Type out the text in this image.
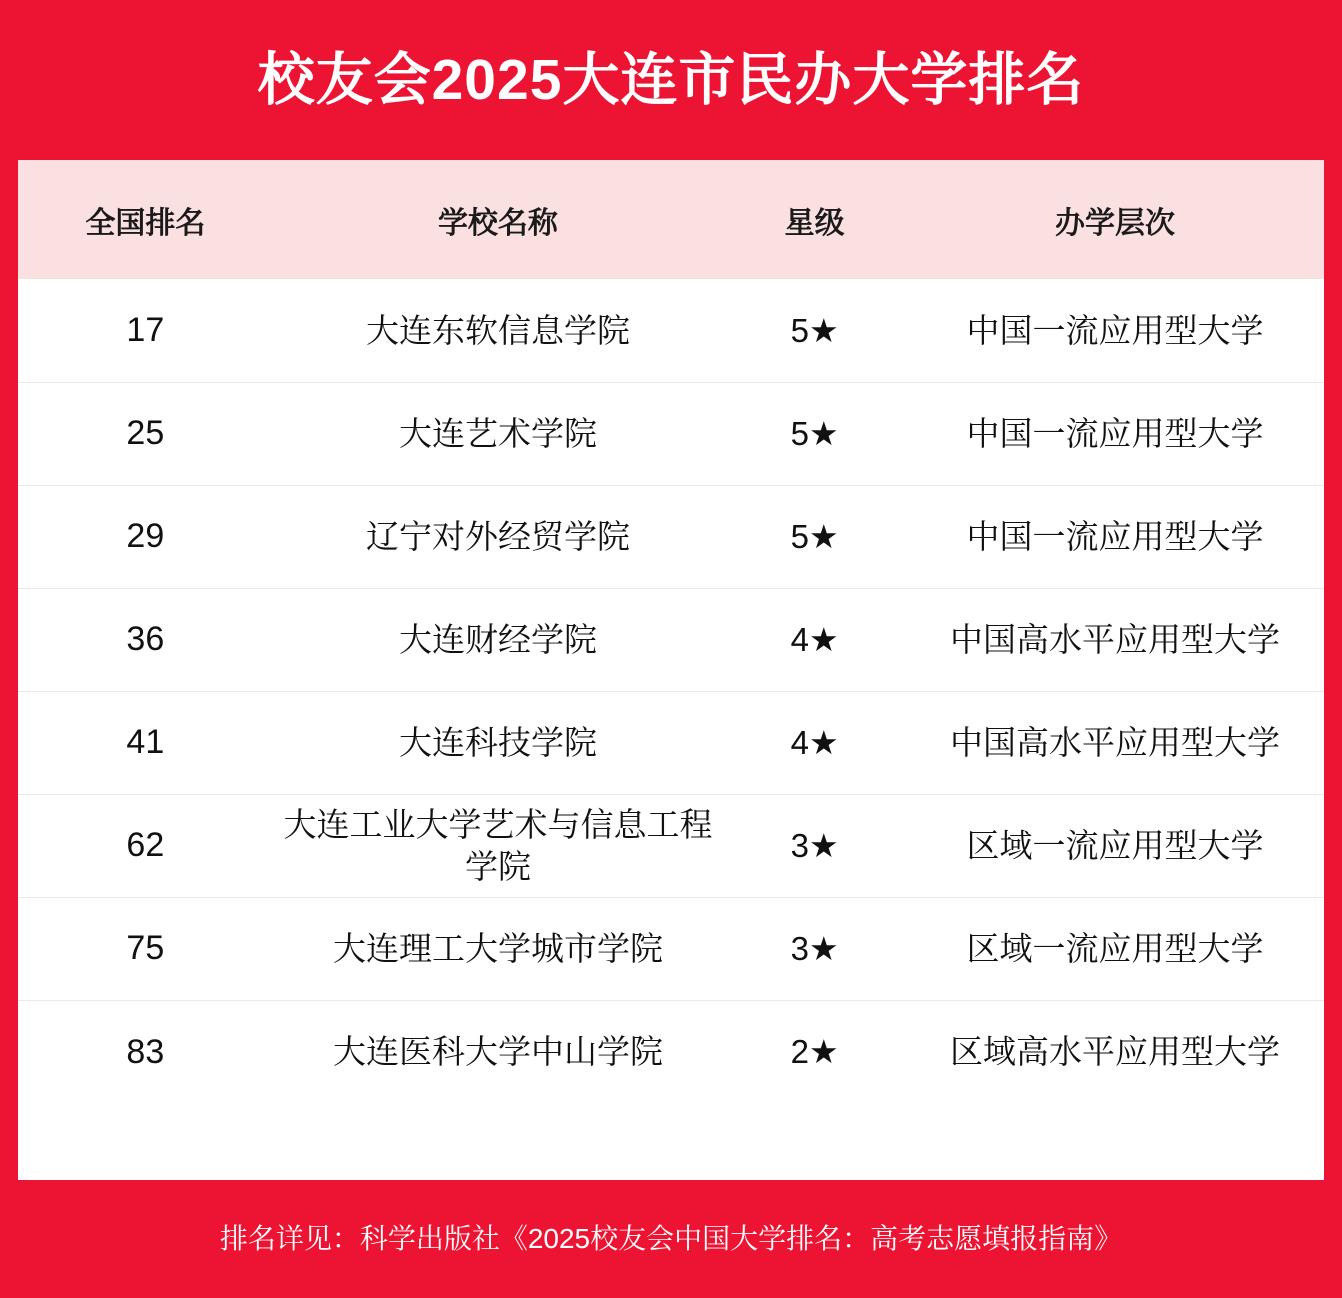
校友会2025大连市民办大学排名
全国排名	学校名称	星级	办学层次
17	大连东软信息学院	5★	中国一流应用型大学
25	大连艺术学院	5★	中国一流应用型大学
29	辽宁对外经贸学院	5★	中国一流应用型大学
36	大连财经学院	4★	中国高水平应用型大学
41	大连科技学院	4★	中国高水平应用型大学
62	大连工业大学艺术与信息工程学院	3★	区域一流应用型大学
75	大连理工大学城市学院	3★	区域一流应用型大学
83	大连医科大学中山学院	2★	区域高水平应用型大学
排名详见：科学出版社《2025校友会中国大学排名：高考志愿填报指南》
